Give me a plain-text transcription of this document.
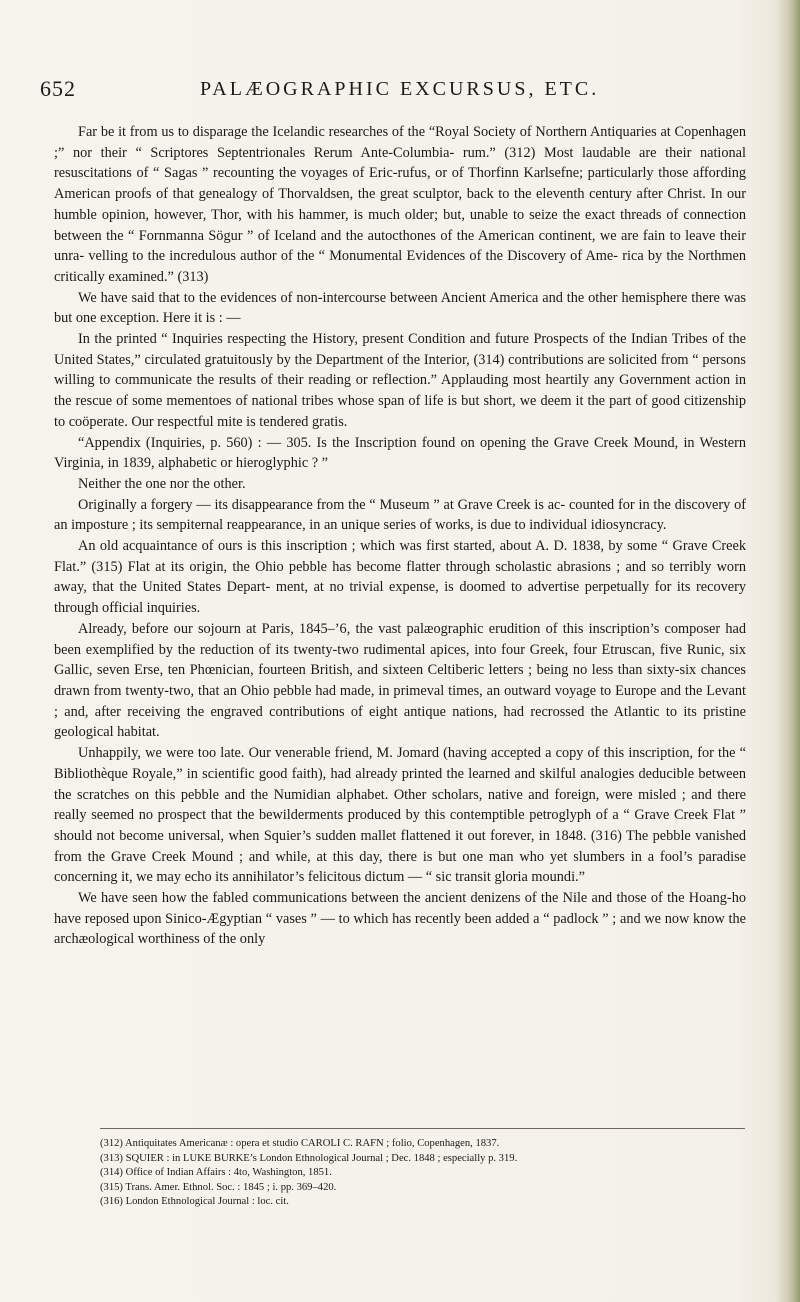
652	PALÆOGRAPHIC EXCURSUS, ETC.

Far be it from us to disparage the Icelandic researches of the “Royal Society of Northern Antiquaries at Copenhagen ;” nor their “ Scriptores Septentrionales Rerum Ante-Columbia- rum.” (312) Most laudable are their national resuscitations of “ Sagas ” recounting the voyages of Eric-rufus, or of Thorfinn Karlsefne; particularly those affording American proofs of that genealogy of Thorvaldsen, the great sculptor, back to the eleventh century after Christ. In our humble opinion, however, Thor, with his hammer, is much older; but, unable to seize the exact threads of connection between the “ Fornmanna Sögur ” of Iceland and the autocthones of the American continent, we are fain to leave their unra- velling to the incredulous author of the “ Monumental Evidences of the Discovery of Ame- rica by the Northmen critically examined.” (313)

We have said that to the evidences of non-intercourse between Ancient America and the other hemisphere there was but one exception. Here it is : —

In the printed “ Inquiries respecting the History, present Condition and future Prospects of the Indian Tribes of the United States,” circulated gratuitously by the Department of the Interior, (314) contributions are solicited from “ persons willing to communicate the results of their reading or reflection.” Applauding most heartily any Government action in the rescue of some mementoes of national tribes whose span of life is but short, we deem it the part of good citizenship to coöperate. Our respectful mite is tendered gratis.

“Appendix (Inquiries, p. 560) : — 305. Is the Inscription found on opening the Grave Creek Mound, in Western Virginia, in 1839, alphabetic or hieroglyphic ? ”

Neither the one nor the other.

Originally a forgery — its disappearance from the “ Museum ” at Grave Creek is ac- counted for in the discovery of an imposture ; its sempiternal reappearance, in an unique series of works, is due to individual idiosyncracy.

An old acquaintance of ours is this inscription ; which was first started, about A. D. 1838, by some “ Grave Creek Flat.” (315) Flat at its origin, the Ohio pebble has become flatter through scholastic abrasions ; and so terribly worn away, that the United States Depart- ment, at no trivial expense, is doomed to advertise perpetually for its recovery through official inquiries.

Already, before our sojourn at Paris, 1845–’6, the vast palæographic erudition of this inscription’s composer had been exemplified by the reduction of its twenty-two rudimental apices, into four Greek, four Etruscan, five Runic, six Gallic, seven Erse, ten Phœnician, fourteen British, and sixteen Celtiberic letters ; being no less than sixty-six chances drawn from twenty-two, that an Ohio pebble had made, in primeval times, an outward voyage to Europe and the Levant ; and, after receiving the engraved contributions of eight antique nations, had recrossed the Atlantic to its pristine geological habitat.

Unhappily, we were too late. Our venerable friend, M. Jomard (having accepted a copy of this inscription, for the “ Bibliothèque Royale,” in scientific good faith), had already printed the learned and skilful analogies deducible between the scratches on this pebble and the Numidian alphabet. Other scholars, native and foreign, were misled ; and there really seemed no prospect that the bewilderments produced by this contemptible petroglyph of a “ Grave Creek Flat ” should not become universal, when Squier’s sudden mallet flattened it out forever, in 1848. (316) The pebble vanished from the Grave Creek Mound ; and while, at this day, there is but one man who yet slumbers in a fool’s paradise concerning it, we may echo its annihilator’s felicitous dictum — “ sic transit gloria moundi.”

We have seen how the fabled communications between the ancient denizens of the Nile and those of the Hoang-ho have reposed upon Sinico-Ægyptian “ vases ” — to which has recently been added a “ padlock ” ; and we now know the archæological worthiness of the only

(312) Antiquitates Americanæ : opera et studio CAROLI C. RAFN ; folio, Copenhagen, 1837.
(313) SQUIER : in LUKE BURKE’s London Ethnological Journal ; Dec. 1848 ; especially p. 319.
(314) Office of Indian Affairs : 4to, Washington, 1851.
(315) Trans. Amer. Ethnol. Soc. : 1845 ; i. pp. 369–420.
(316) London Ethnological Journal : loc. cit.
